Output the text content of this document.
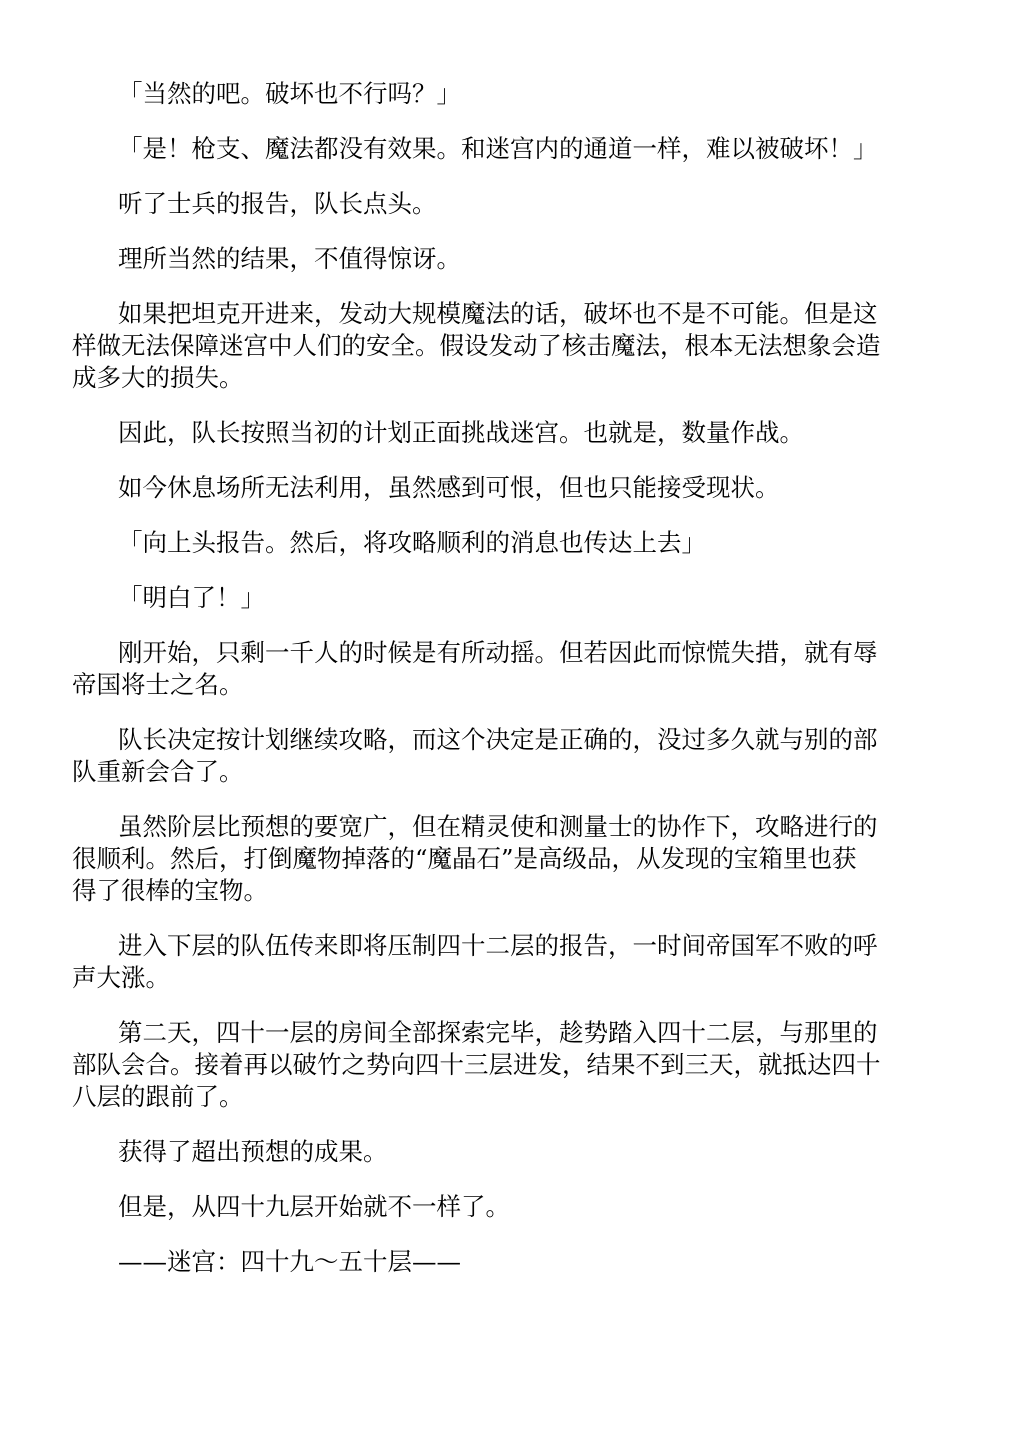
「当然的吧。破坏也不行吗？」

「是！枪支、魔法都没有效果。和迷宫内的通道一样，难以被破坏！」

听了士兵的报告，队长点头。

理所当然的结果，不值得惊讶。

如果把坦克开进来，发动大规模魔法的话，破坏也不是不可能。但是这
样做无法保障迷宫中人们的安全。假设发动了核击魔法，根本无法想象会造
成多大的损失。

因此，队长按照当初的计划正面挑战迷宫。也就是，数量作战。

如今休息场所无法利用，虽然感到可恨，但也只能接受现状。

「向上头报告。然后，将攻略顺利的消息也传达上去」

「明白了！」

刚开始，只剩一千人的时候是有所动摇。但若因此而惊慌失措，就有辱
帝国将士之名。

队长决定按计划继续攻略，而这个决定是正确的，没过多久就与别的部
队重新会合了。

虽然阶层比预想的要宽广，但在精灵使和测量士的协作下，攻略进行的
很顺利。然后，打倒魔物掉落的“魔晶石”是高级品，从发现的宝箱里也获
得了很棒的宝物。

进入下层的队伍传来即将压制四十二层的报告，一时间帝国军不败的呼
声大涨。

第二天，四十一层的房间全部探索完毕，趁势踏入四十二层，与那里的
部队会合。接着再以破竹之势向四十三层进发，结果不到三天，就抵达四十
八层的跟前了。

获得了超出预想的成果。

但是，从四十九层开始就不一样了。

——迷宫：四十九～五十层——
